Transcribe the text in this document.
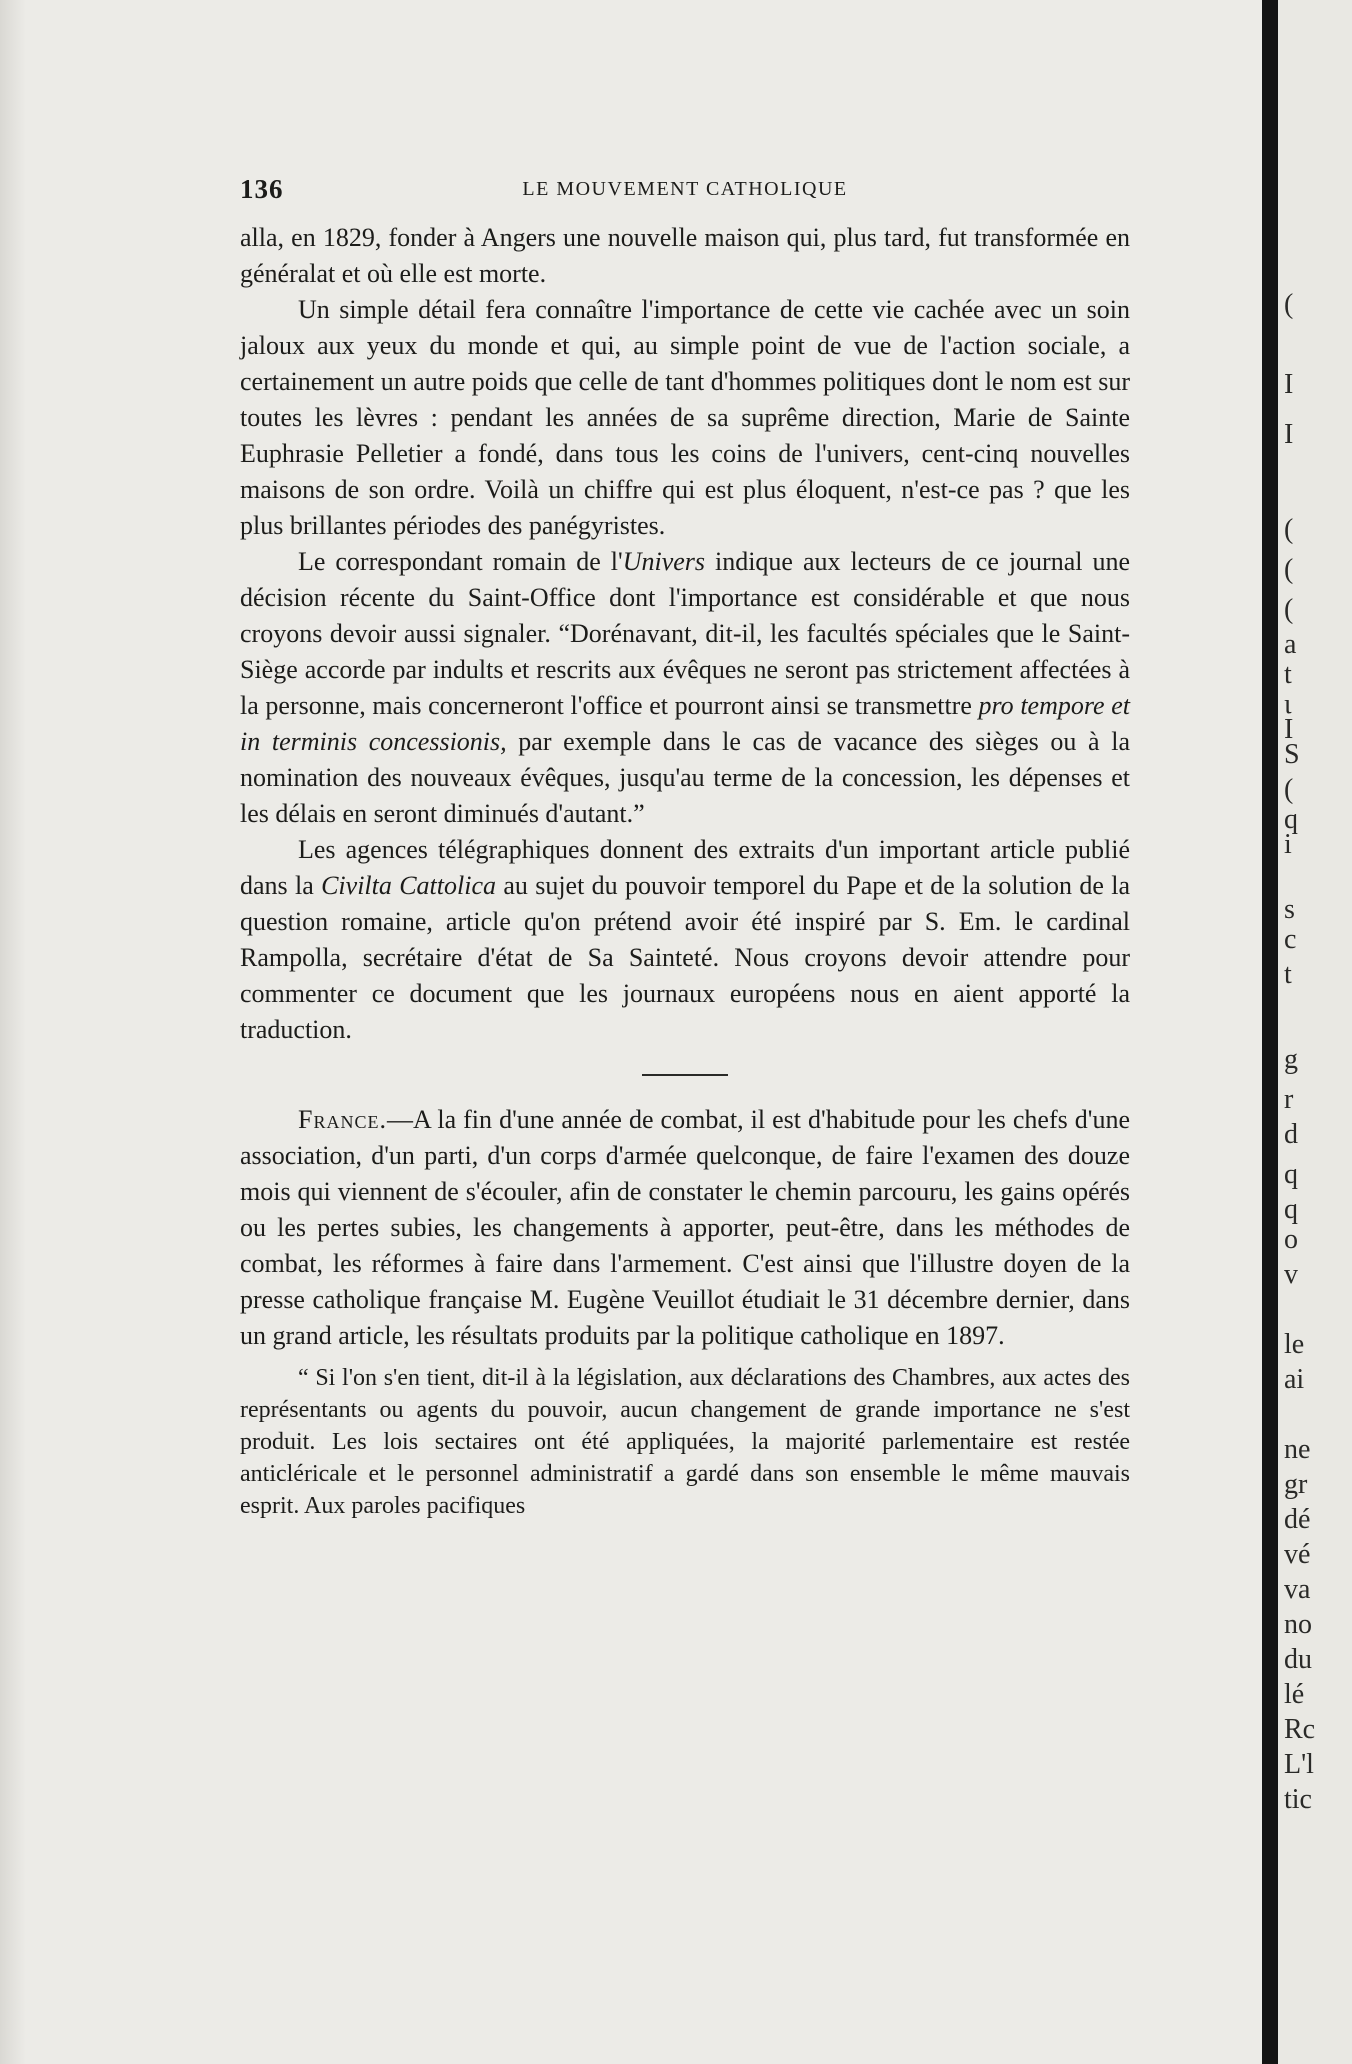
136	LE MOUVEMENT CATHOLIQUE

alla, en 1829, fonder à Angers une nouvelle maison qui, plus tard, fut transformée en généralat et où elle est morte.

Un simple détail fera connaître l'importance de cette vie cachée avec un soin jaloux aux yeux du monde et qui, au simple point de vue de l'action sociale, a certainement un autre poids que celle de tant d'hommes politiques dont le nom est sur toutes les lèvres : pendant les années de sa suprême direction, Marie de Sainte Euphrasie Pelletier a fondé, dans tous les coins de l'univers, cent-cinq nouvelles maisons de son ordre. Voilà un chiffre qui est plus éloquent, n'est-ce pas ? que les plus brillantes périodes des panégyristes.

Le correspondant romain de l'Univers indique aux lecteurs de ce journal une décision récente du Saint-Office dont l'importance est considérable et que nous croyons devoir aussi signaler. “Dorénavant, dit-il, les facultés spéciales que le Saint-Siège accorde par indults et rescrits aux évêques ne seront pas strictement affectées à la personne, mais concerneront l'office et pourront ainsi se transmettre pro tempore et in terminis concessionis, par exemple dans le cas de vacance des sièges ou à la nomination des nouveaux évêques, jusqu'au terme de la concession, les dépenses et les délais en seront diminués d'autant.”

Les agences télégraphiques donnent des extraits d'un important article publié dans la Civilta Cattolica au sujet du pouvoir temporel du Pape et de la solution de la question romaine, article qu'on prétend avoir été inspiré par S. Em. le cardinal Rampolla, secrétaire d'état de Sa Sainteté. Nous croyons devoir attendre pour commenter ce document que les journaux européens nous en aient apporté la traduction.

France.—A la fin d'une année de combat, il est d'habitude pour les chefs d'une association, d'un parti, d'un corps d'armée quelconque, de faire l'examen des douze mois qui viennent de s'écouler, afin de constater le chemin parcouru, les gains opérés ou les pertes subies, les changements à apporter, peut-être, dans les méthodes de combat, les réformes à faire dans l'armement. C'est ainsi que l'illustre doyen de la presse catholique française M. Eugène Veuillot étudiait le 31 décembre dernier, dans un grand article, les résultats produits par la politique catholique en 1897.

“ Si l'on s'en tient, dit-il à la législation, aux déclarations des Chambres, aux actes des représentants ou agents du pouvoir, aucun changement de grande importance ne s'est produit. Les lois sectaires ont été appliquées, la majorité parlementaire est restée anticléricale et le personnel administratif a gardé dans son ensemble le même mauvais esprit. Aux paroles pacifiques

(
I
I
(
(
(
a
t
ι
I
S
(
q
i
s
c
t
g
r
d
q
q
o
v
le
ai
ne
gr
dé
vé
va
no
du
lé
Rc
L'l
tic
